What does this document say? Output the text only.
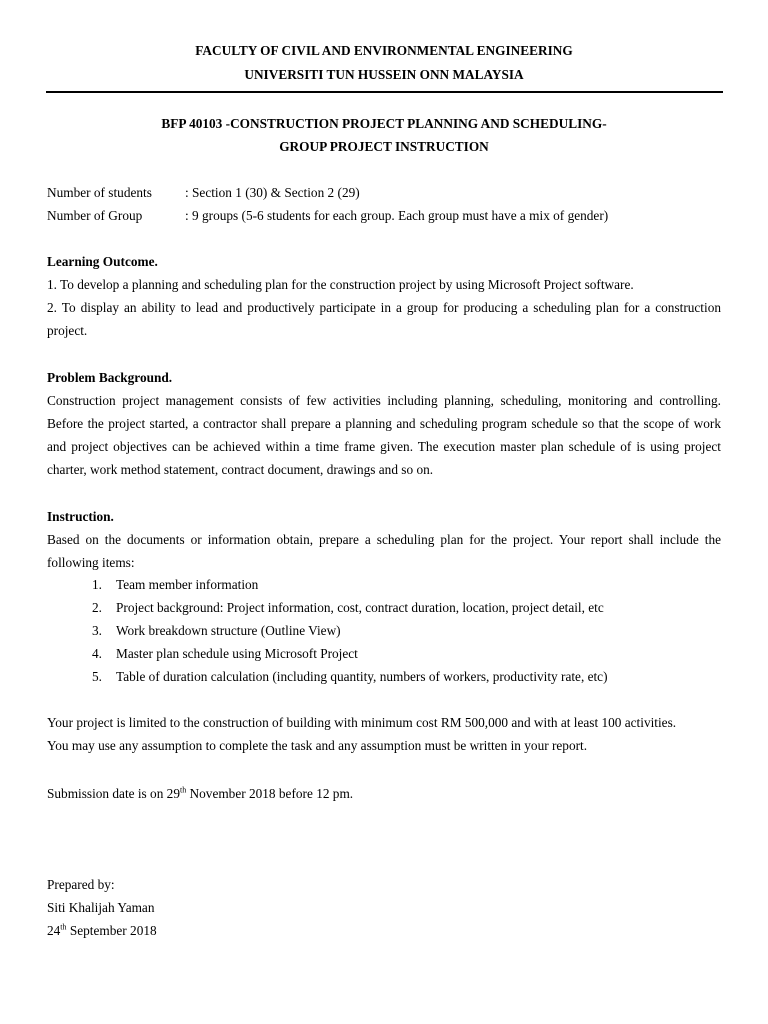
FACULTY OF CIVIL AND ENVIRONMENTAL ENGINEERING
UNIVERSITI TUN HUSSEIN ONN MALAYSIA
BFP 40103 -CONSTRUCTION PROJECT PLANNING AND SCHEDULING-
GROUP PROJECT INSTRUCTION
Number of students : Section 1 (30) & Section 2 (29)
Number of Group	: 9 groups (5-6 students for each group. Each group must have a mix of gender)
Learning Outcome.
1. To develop a planning and scheduling plan for the construction project by using Microsoft Project software.
2. To display an ability to lead and productively participate in a group for producing a scheduling plan for a construction project.
Problem Background.
Construction project management consists of few activities including planning, scheduling, monitoring and controlling. Before the project started, a contractor shall prepare a planning and scheduling program schedule so that the scope of work and project objectives can be achieved within a time frame given. The execution master plan schedule of is using project charter, work method statement, contract document, drawings and so on.
Instruction.
Based on the documents or information obtain, prepare a scheduling plan for the project. Your report shall include the following items:
1. Team member information
2. Project background: Project information, cost, contract duration, location, project detail, etc
3. Work breakdown structure (Outline View)
4. Master plan schedule using Microsoft Project
5. Table of duration calculation (including quantity, numbers of workers, productivity rate, etc)
Your project is limited to the construction of building with minimum cost RM 500,000 and with at least 100 activities.
You may use any assumption to complete the task and any assumption must be written in your report.
Submission date is on 29th November 2018 before 12 pm.
Prepared by:
Siti Khalijah Yaman
24th September 2018
